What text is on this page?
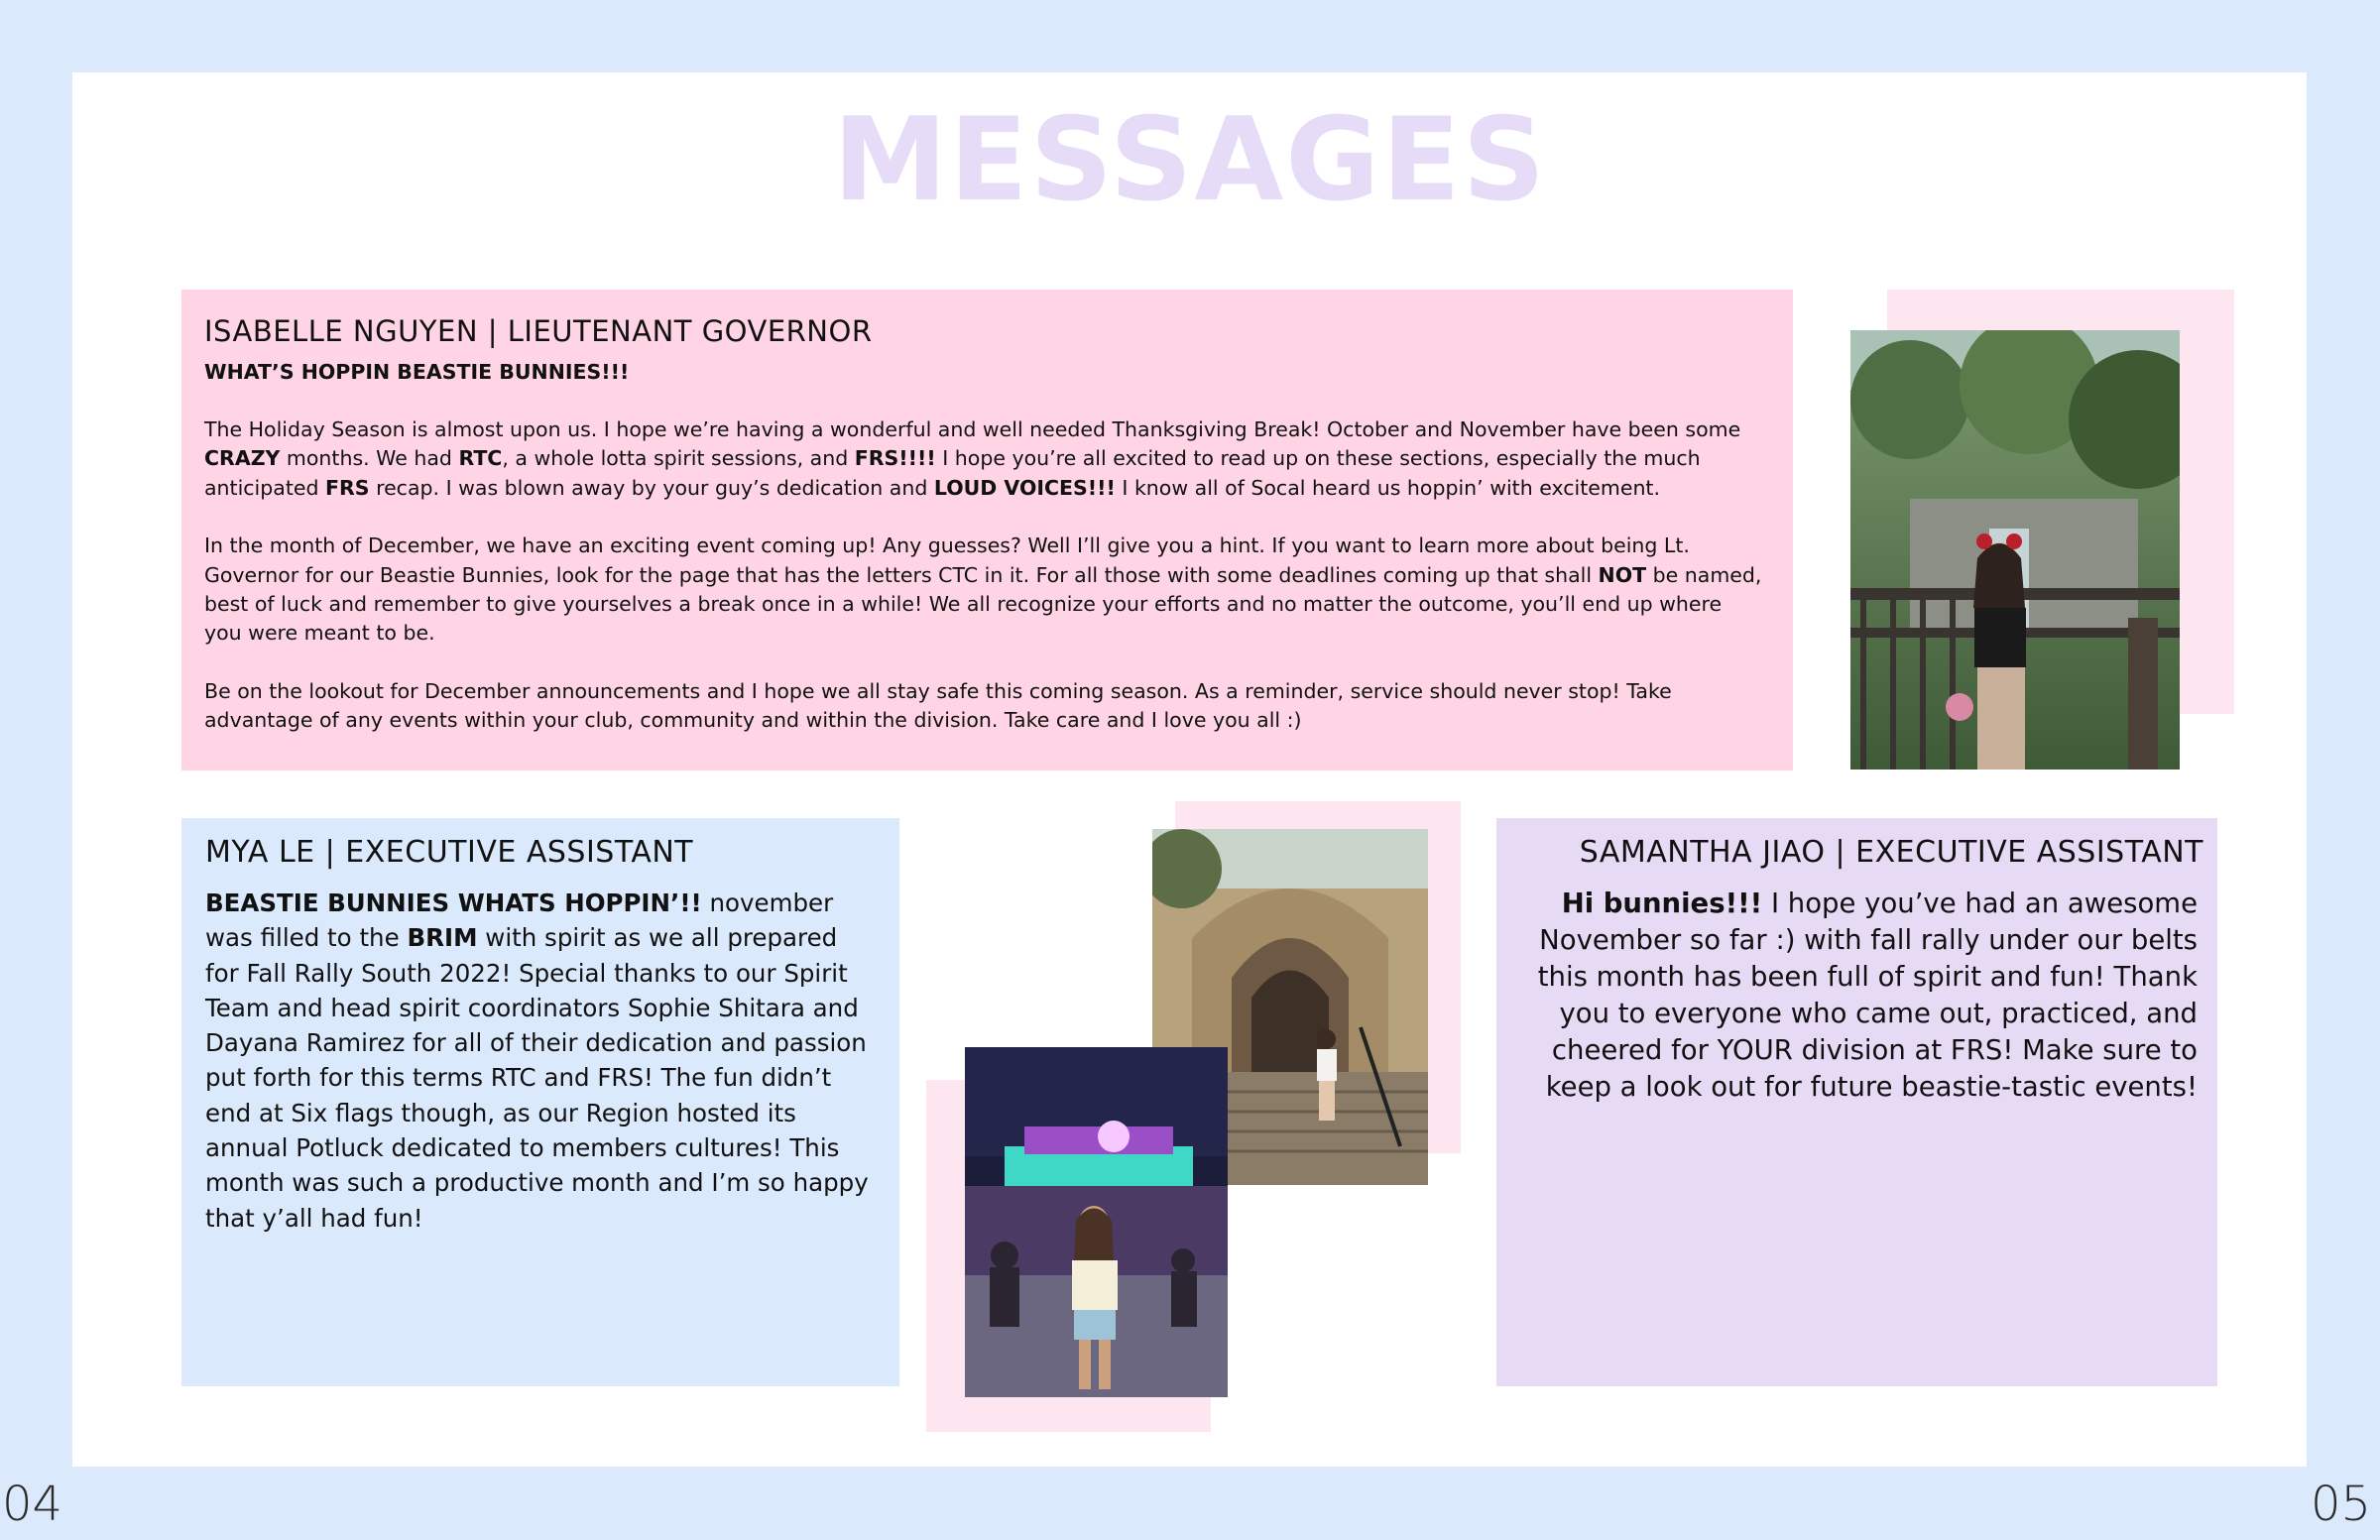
MESSAGES
ISABELLE NGUYEN | LIEUTENANT GOVERNOR

WHAT’S HOPPIN BEASTIE BUNNIES!!!

The Holiday Season is almost upon us. I hope we’re having a wonderful and well needed Thanksgiving Break! October and November have been some CRAZY months. We had RTC, a whole lotta spirit sessions, and FRS!!!! I hope you’re all excited to read up on these sections, especially the much anticipated FRS recap. I was blown away by your guy’s dedication and LOUD VOICES!!! I know all of Socal heard us hoppin’ with excitement.

In the month of December, we have an exciting event coming up! Any guesses? Well I’ll give you a hint. If you want to learn more about being Lt. Governor for our Beastie Bunnies, look for the page that has the letters CTC in it. For all those with some deadlines coming up that shall NOT be named, best of luck and remember to give yourselves a break once in a while! We all recognize your efforts and no matter the outcome, you’ll end up where you were meant to be.

Be on the lookout for December announcements and I hope we all stay safe this coming season. As a reminder, service should never stop! Take advantage of any events within your club, community and within the division. Take care and I love you all :)

MYA LE | EXECUTIVE ASSISTANT
BEASTIE BUNNIES WHATS HOPPIN’!! november was filled to the BRIM with spirit as we all prepared for Fall Rally South 2022! Special thanks to our Spirit Team and head spirit coordinators Sophie Shitara and Dayana Ramirez for all of their dedication and passion put forth for this terms RTC and FRS! The fun didn’t end at Six flags though, as our Region hosted its annual Potluck dedicated to members cultures! This month was such a productive month and I’m so happy that y’all had fun!
SAMANTHA JIAO | EXECUTIVE ASSISTANT
Hi bunnies!!! I hope you’ve had an awesome November so far :) with fall rally under our belts this month has been full of spirit and fun! Thank you to everyone who came out, practiced, and cheered for YOUR division at FRS! Make sure to keep a look out for future beastie-tastic events!
04	05
